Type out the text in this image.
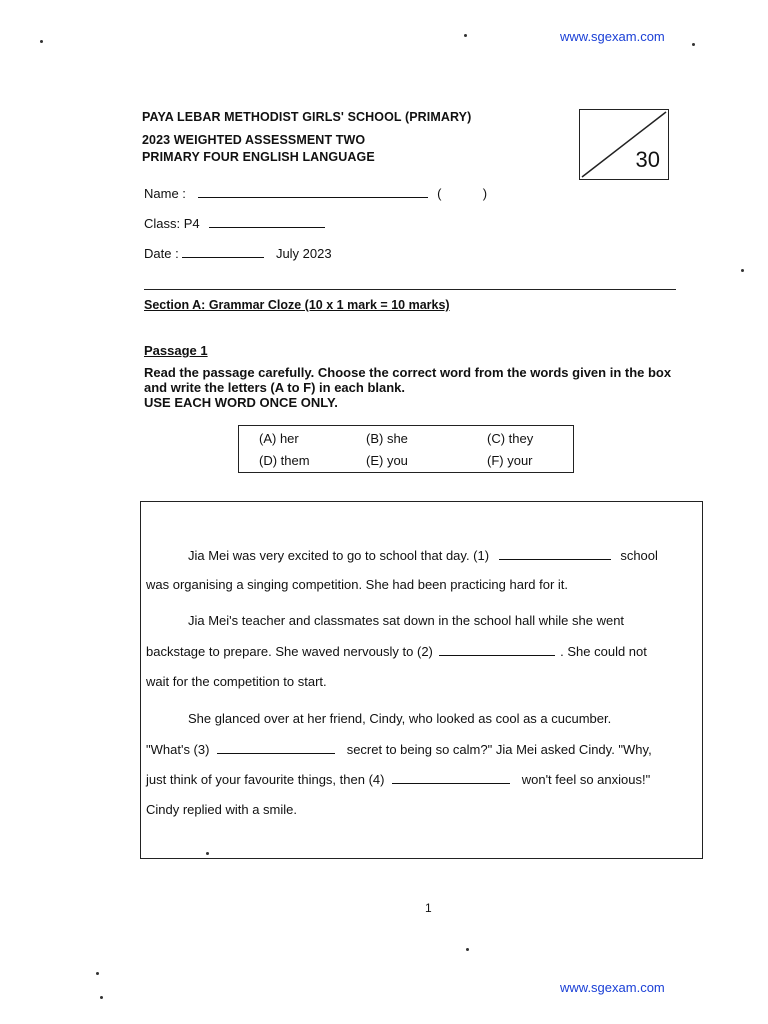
www.sgexam.com
PAYA LEBAR METHODIST GIRLS' SCHOOL (PRIMARY)
2023 WEIGHTED ASSESSMENT TWO
PRIMARY FOUR ENGLISH LANGUAGE	30
Name :	(	)
Class: P4
Date :	July 2023
Section A: Grammar Cloze (10 x 1 mark = 10 marks)
Passage 1
Read the passage carefully. Choose the correct word from the words given in the box
and write the letters (A to F) in each blank.
USE EACH WORD ONCE ONLY.
(A) her	(B) she	(C) they
(D) them	(E) you	(F) your
Jia Mei was very excited to go to school that day. (1)	school
was organising a singing competition. She had been practicing hard for it.
Jia Mei's teacher and classmates sat down in the school hall while she went
backstage to prepare. She waved nervously to (2)	. She could not
wait for the competition to start.
She glanced over at her friend, Cindy, who looked as cool as a cucumber.
"What's (3)	secret to being so calm?" Jia Mei asked Cindy. "Why,
just think of your favourite things, then (4)	won't feel so anxious!"
Cindy replied with a smile.
1
www.sgexam.com
